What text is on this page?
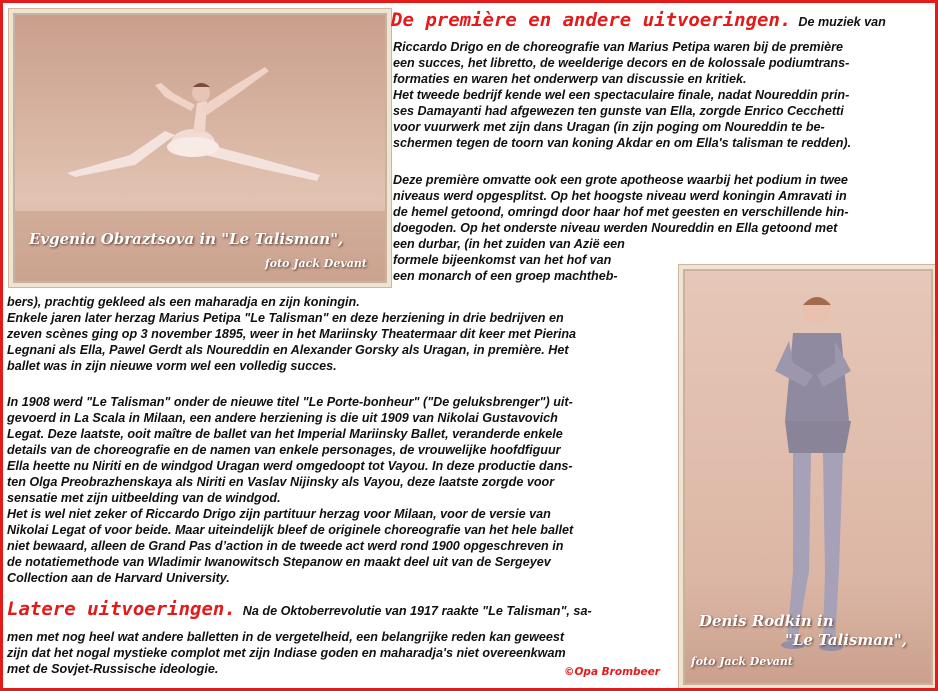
Evgenia Obraztsova in "Le Talisman",
foto Jack Devant
Denis Rodkin in
"Le Talisman",
foto Jack Devant

De première en andere uitvoeringen. De muziek van

Riccardo Drigo en de choreografie van Marius Petipa waren bij de première

een succes, het libretto, de weelderige decors en de kolossale podiumtrans-

formaties en waren het onderwerp van discussie en kritiek.

Het tweede bedrijf kende wel een spectaculaire finale, nadat Noureddin prin-

ses Damayanti had afgewezen ten gunste van Ella, zorgde Enrico Cecchetti

voor vuurwerk met zijn dans Uragan (in zijn poging om Noureddin te be-

schermen tegen de toorn van koning Akdar en om Ella's talisman te redden).

Deze première omvatte ook een grote apotheose waarbij het podium in twee

niveaus werd opgesplitst. Op het hoogste niveau werd koningin Amravati in

de hemel getoond, omringd door haar hof met geesten en verschillende hin-

doegoden. Op het onderste niveau werden Noureddin en Ella getoond met

een durbar, (in het zuiden van Azië een

formele bijeenkomst van het hof van

een monarch of een groep machtheb-

bers), prachtig gekleed als een maharadja en zijn koningin.

Enkele jaren later herzag Marius Petipa "Le Talisman" en deze herziening in drie bedrijven en

zeven scènes ging op 3 november 1895, weer in het Mariinsky Theatermaar dit keer met Pierina

Legnani als Ella, Pawel Gerdt als Noureddin en Alexander Gorsky als Uragan, in première. Het

ballet was in zijn nieuwe vorm wel een volledig succes.

In 1908 werd "Le Talisman" onder de nieuwe titel "Le Porte-bonheur" ("De geluksbrenger") uit-

gevoerd in La Scala in Milaan, een andere herziening is die uit 1909 van Nikolai Gustavovich

Legat. Deze laatste, ooit maître de ballet van het Imperial Mariinsky Ballet, veranderde enkele

details van de choreografie en de namen van enkele personages, de vrouwelijke hoofdfiguur

Ella heette nu Niriti en de windgod Uragan werd omgedoopt tot Vayou. In deze productie dans-

ten Olga Preobrazhenskaya als Niriti en Vaslav Nijinsky als Vayou, deze laatste zorgde voor

sensatie met zijn uitbeelding van de windgod.

Het is wel niet zeker of Riccardo Drigo zijn partituur herzag voor Milaan, voor de versie van

Nikolai Legat of voor beide. Maar uiteindelijk bleef de originele choreografie van het hele ballet

niet bewaard, alleen de Grand Pas d’action in de tweede act werd rond 1900 opgeschreven in

de notatiemethode van Wladimir Iwanowitsch Stepanow en maakt deel uit van de Sergeyev

Collection aan de Harvard University.

Latere uitvoeringen. Na de Oktoberrevolutie van 1917 raakte "Le Talisman", sa-

men met nog heel wat andere balletten in de vergetelheid, een belangrijke reden kan geweest

zijn dat het nogal mystieke complot met zijn Indiase goden en maharadja's niet overeenkwam

met de Sovjet-Russische ideologie.	©Opa Brombeer
